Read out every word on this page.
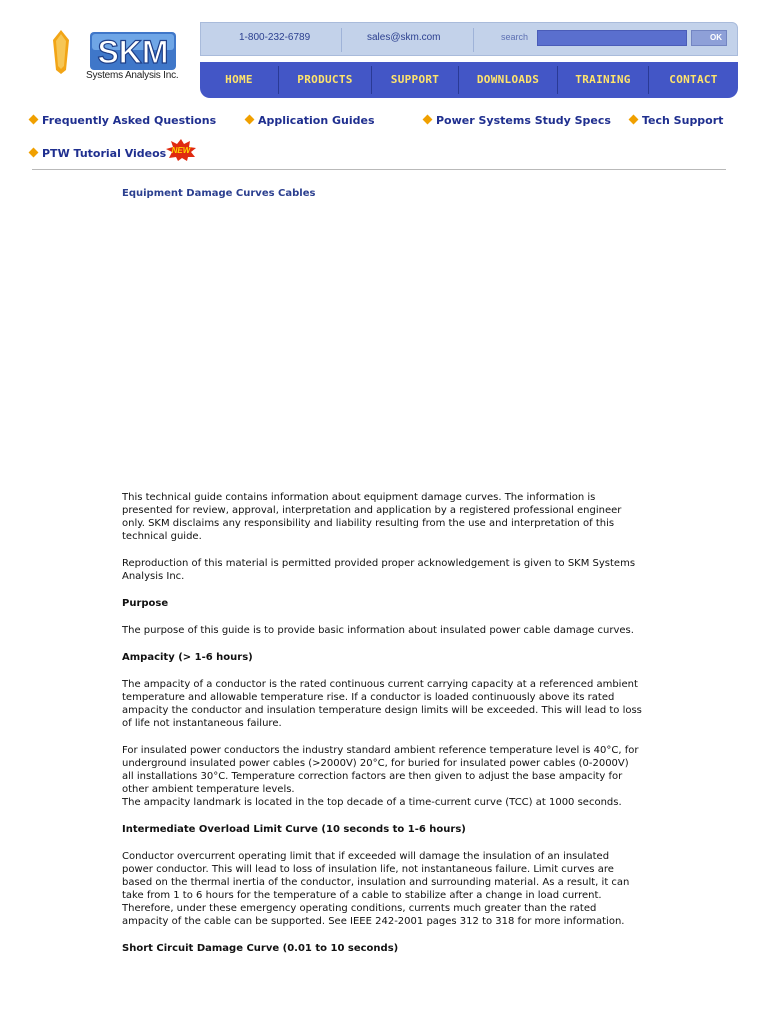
SKM
Systems Analysis Inc.
1-800-232-6789	sales@skm.com	search	OK
HOME	PRODUCTS	SUPPORT	DOWNLOADS	TRAINING	CONTACT
Frequently Asked Questions	Application Guides	Power Systems Study Specs	Tech Support
PTW Tutorial Videos NEW
Equipment Damage Curves Cables

This technical guide contains information about equipment damage curves. The information is presented for review, approval, interpretation and application by a registered professional engineer only. SKM disclaims any responsibility and liability resulting from the use and interpretation of this technical guide.

Reproduction of this material is permitted provided proper acknowledgement is given to SKM Systems Analysis Inc.

Purpose

The purpose of this guide is to provide basic information about insulated power cable damage curves.

Ampacity (> 1-6 hours)

The ampacity of a conductor is the rated continuous current carrying capacity at a referenced ambient temperature and allowable temperature rise. If a conductor is loaded continuously above its rated ampacity the conductor and insulation temperature design limits will be exceeded. This will lead to loss of life not instantaneous failure.

For insulated power conductors the industry standard ambient reference temperature level is 40°C, for underground insulated power cables (>2000V) 20°C, for buried for insulated power cables (0-2000V) all installations 30°C. Temperature correction factors are then given to adjust the base ampacity for other ambient temperature levels.

The ampacity landmark is located in the top decade of a time-current curve (TCC) at 1000 seconds.

Intermediate Overload Limit Curve (10 seconds to 1-6 hours)

Conductor overcurrent operating limit that if exceeded will damage the insulation of an insulated power conductor. This will lead to loss of insulation life, not instantaneous failure. Limit curves are based on the thermal inertia of the conductor, insulation and surrounding material. As a result, it can take from 1 to 6 hours for the temperature of a cable to stabilize after a change in load current. Therefore, under these emergency operating conditions, currents much greater than the rated ampacity of the cable can be supported. See IEEE 242-2001 pages 312 to 318 for more information.

Short Circuit Damage Curve (0.01 to 10 seconds)
